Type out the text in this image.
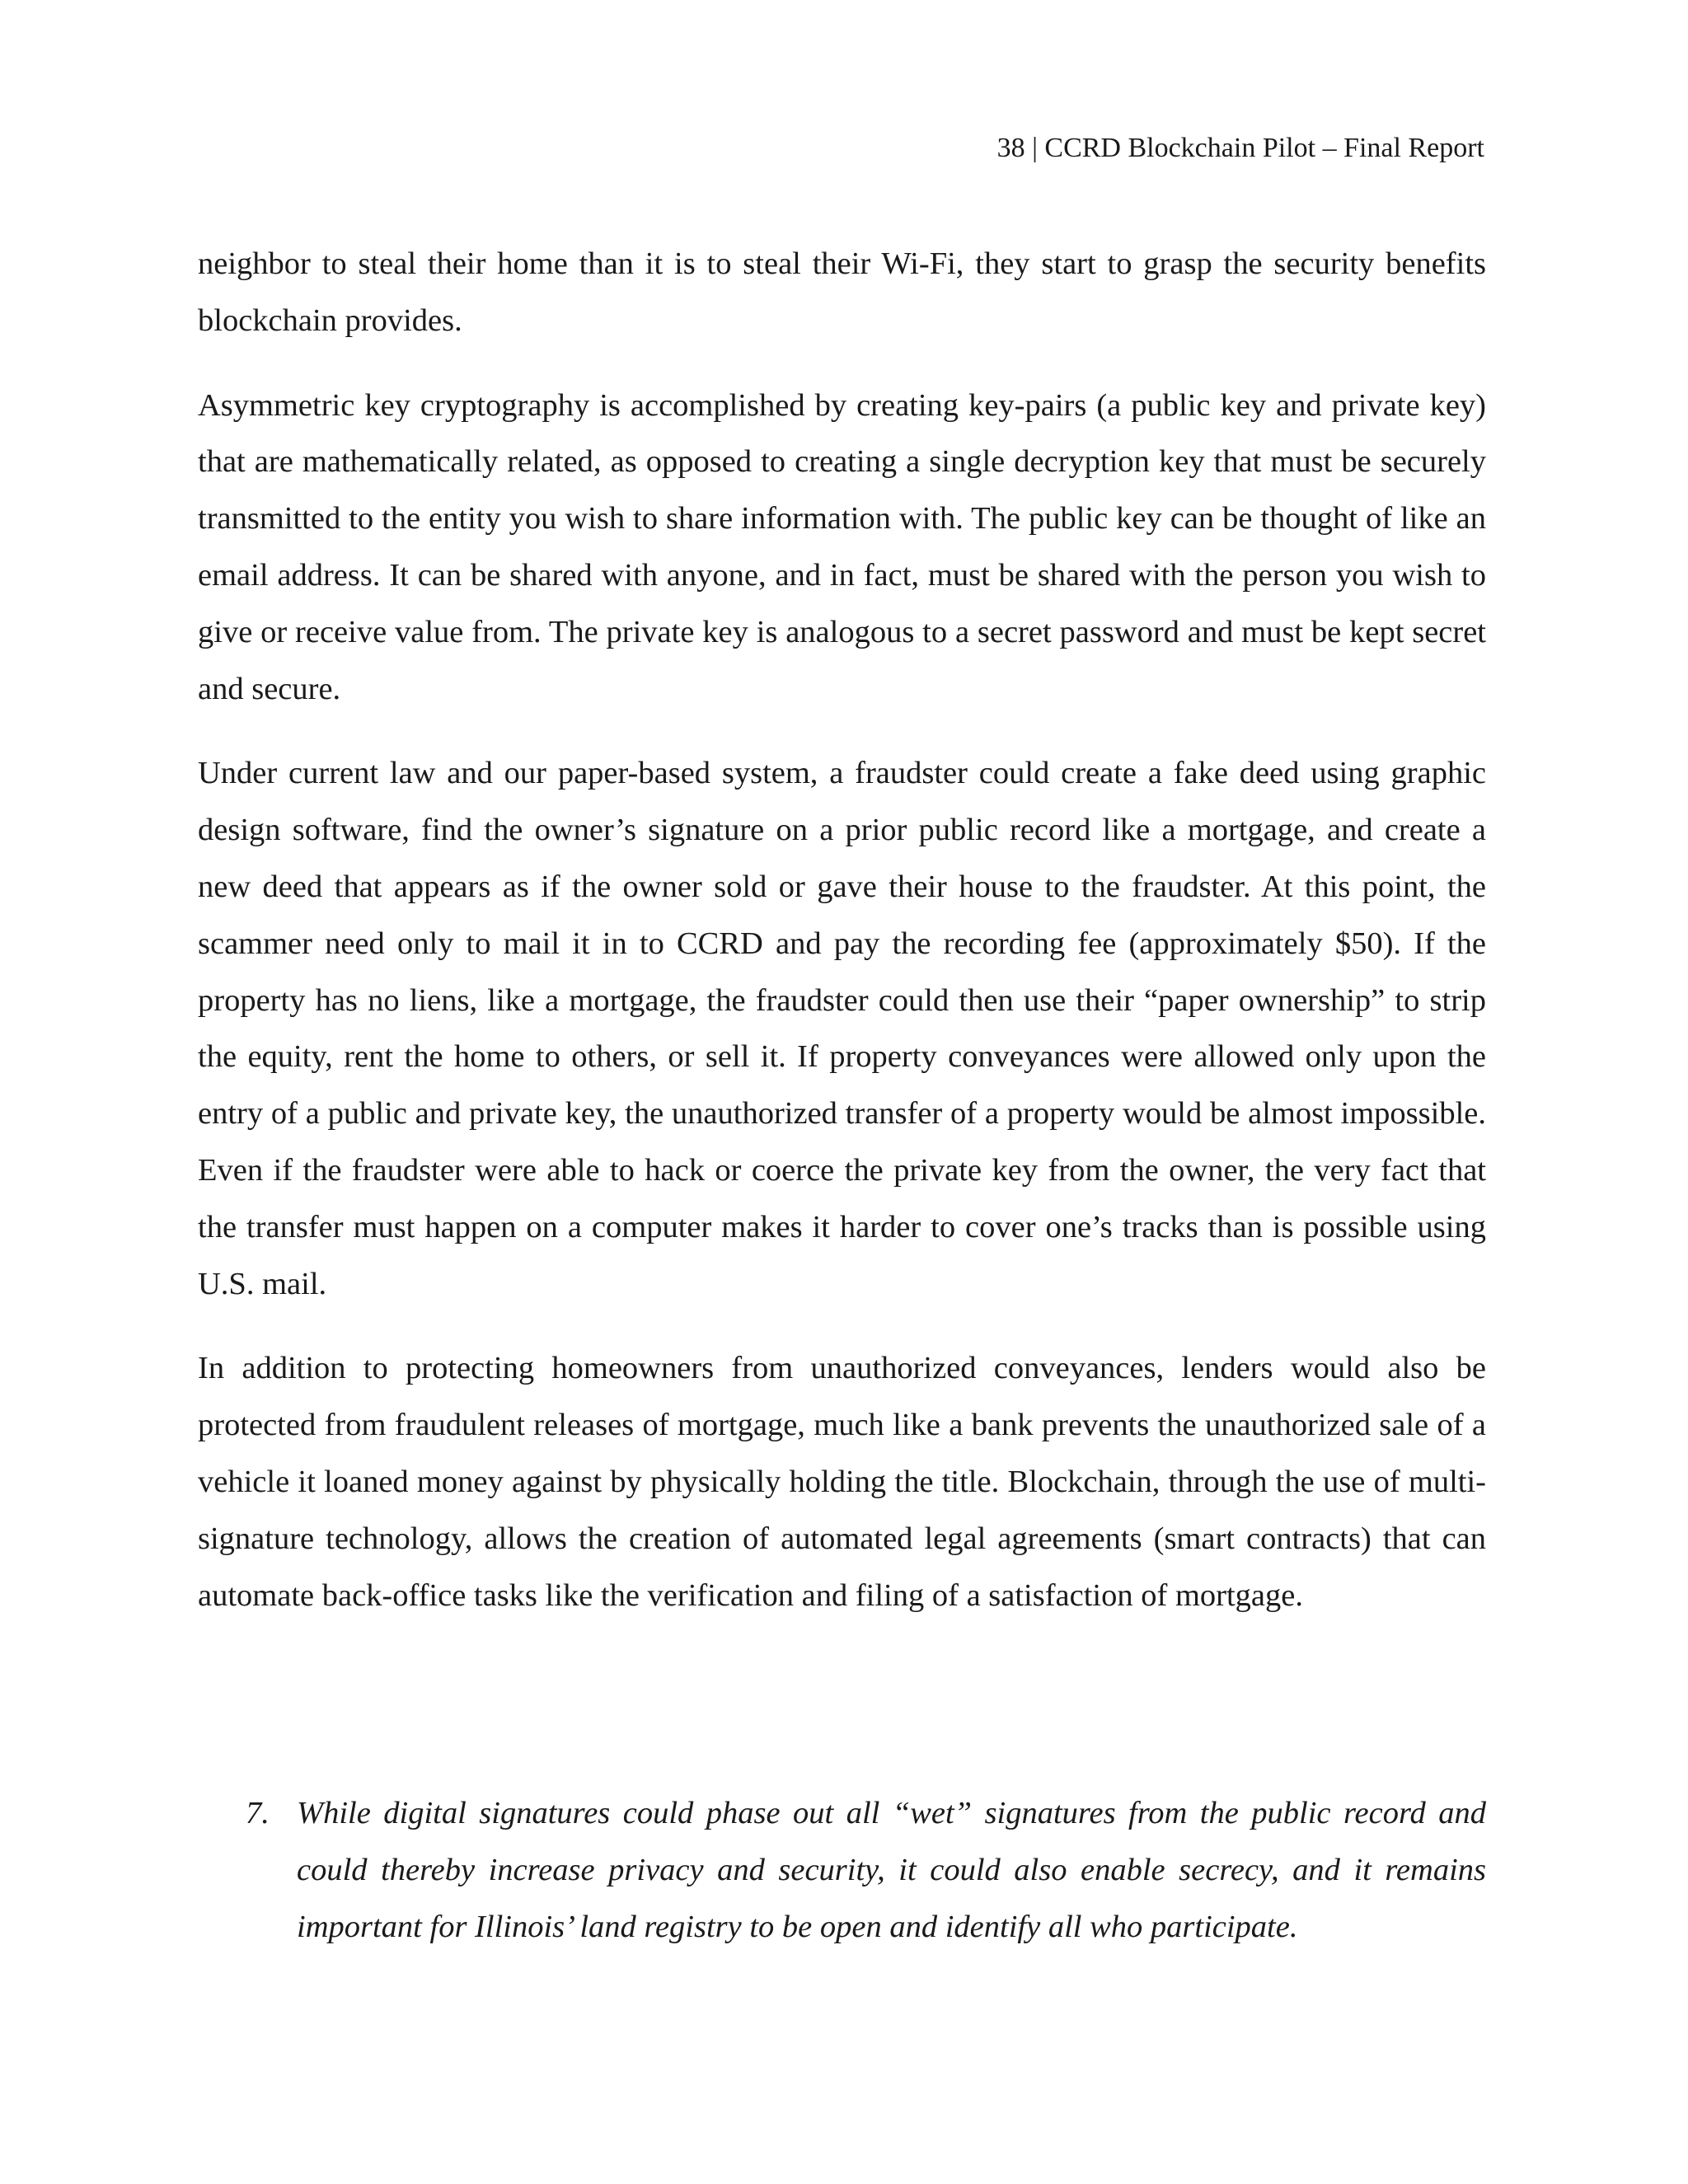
38 | CCRD Blockchain Pilot – Final Report

neighbor to steal their home than it is to steal their Wi-Fi, they start to grasp the security benefits blockchain provides.

Asymmetric key cryptography is accomplished by creating key-pairs (a public key and private key) that are mathematically related, as opposed to creating a single decryption key that must be securely transmitted to the entity you wish to share information with. The public key can be thought of like an email address. It can be shared with anyone, and in fact, must be shared with the person you wish to give or receive value from. The private key is analogous to a secret password and must be kept secret and secure.

Under current law and our paper-based system, a fraudster could create a fake deed using graphic design software, find the owner’s signature on a prior public record like a mortgage, and create a new deed that appears as if the owner sold or gave their house to the fraudster. At this point, the scammer need only to mail it in to CCRD and pay the recording fee (approximately $50). If the property has no liens, like a mortgage, the fraudster could then use their “paper ownership” to strip the equity, rent the home to others, or sell it. If property conveyances were allowed only upon the entry of a public and private key, the unauthorized transfer of a property would be almost impossible. Even if the fraudster were able to hack or coerce the private key from the owner, the very fact that the transfer must happen on a computer makes it harder to cover one’s tracks than is possible using U.S. mail.

In addition to protecting homeowners from unauthorized conveyances, lenders would also be protected from fraudulent releases of mortgage, much like a bank prevents the unauthorized sale of a vehicle it loaned money against by physically holding the title. Blockchain, through the use of multi-signature technology, allows the creation of automated legal agreements (smart contracts) that can automate back-office tasks like the verification and filing of a satisfaction of mortgage.

7. While digital signatures could phase out all “wet” signatures from the public record and could thereby increase privacy and security, it could also enable secrecy, and it remains important for Illinois’ land registry to be open and identify all who participate.
